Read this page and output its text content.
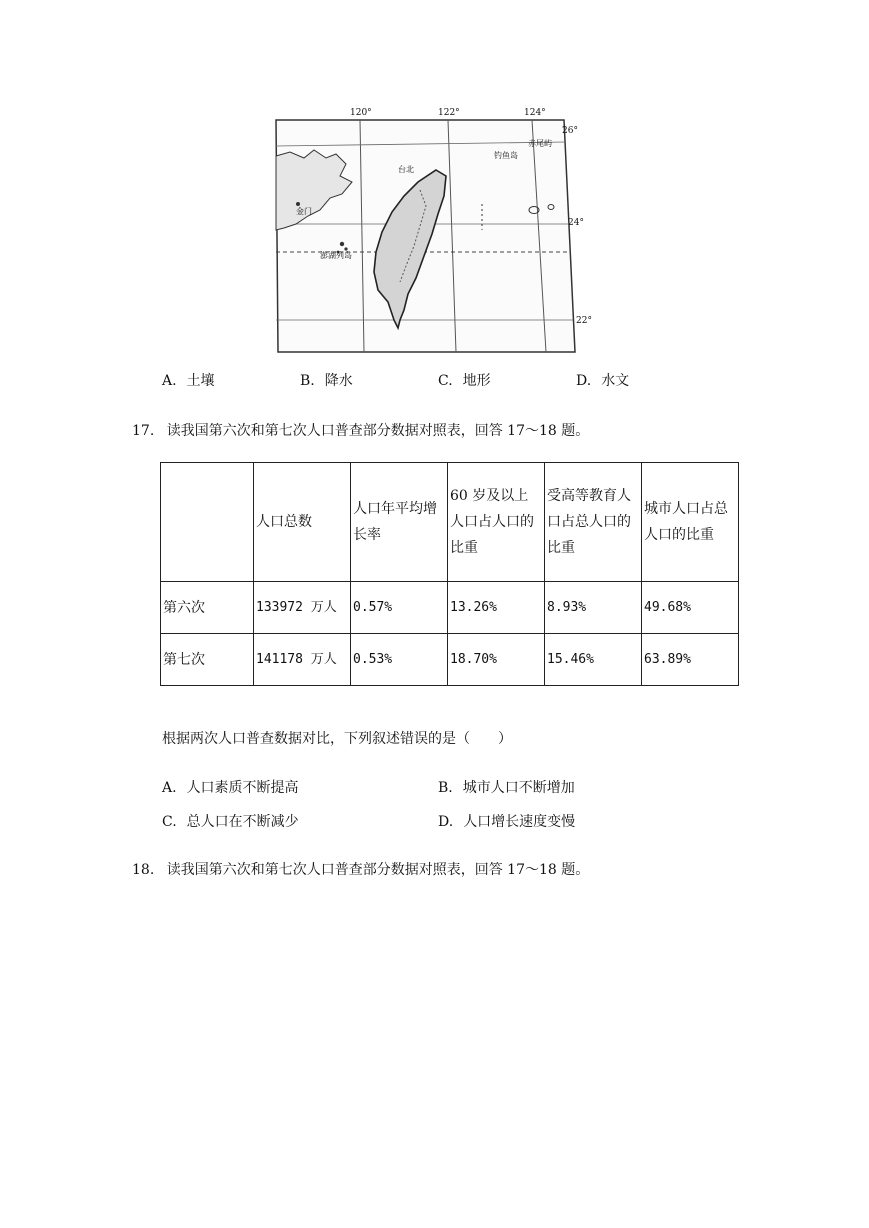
120°	122°	124°
26°
24°
22°
金门
台北
钓鱼岛
赤尾屿
澎湖列岛
A. 土壤	B. 降水	C. 地形	D. 水文
17. 读我国第六次和第七次人口普查部分数据对照表，回答 17～18 题。
	人口总数	人口年平均增长率	60 岁及以上人口占人口的比重	受高等教育人口占总人口的比重	城市人口占总人口的比重
第六次	133972 万人	0.57%	13.26%	8.93%	49.68%
第七次	141178 万人	0.53%	18.70%	15.46%	63.89%
根据两次人口普查数据对比，下列叙述错误的是（　　）
A. 人口素质不断提高	B. 城市人口不断增加
C. 总人口在不断减少	D. 人口增长速度变慢
18. 读我国第六次和第七次人口普查部分数据对照表，回答 17～18 题。
